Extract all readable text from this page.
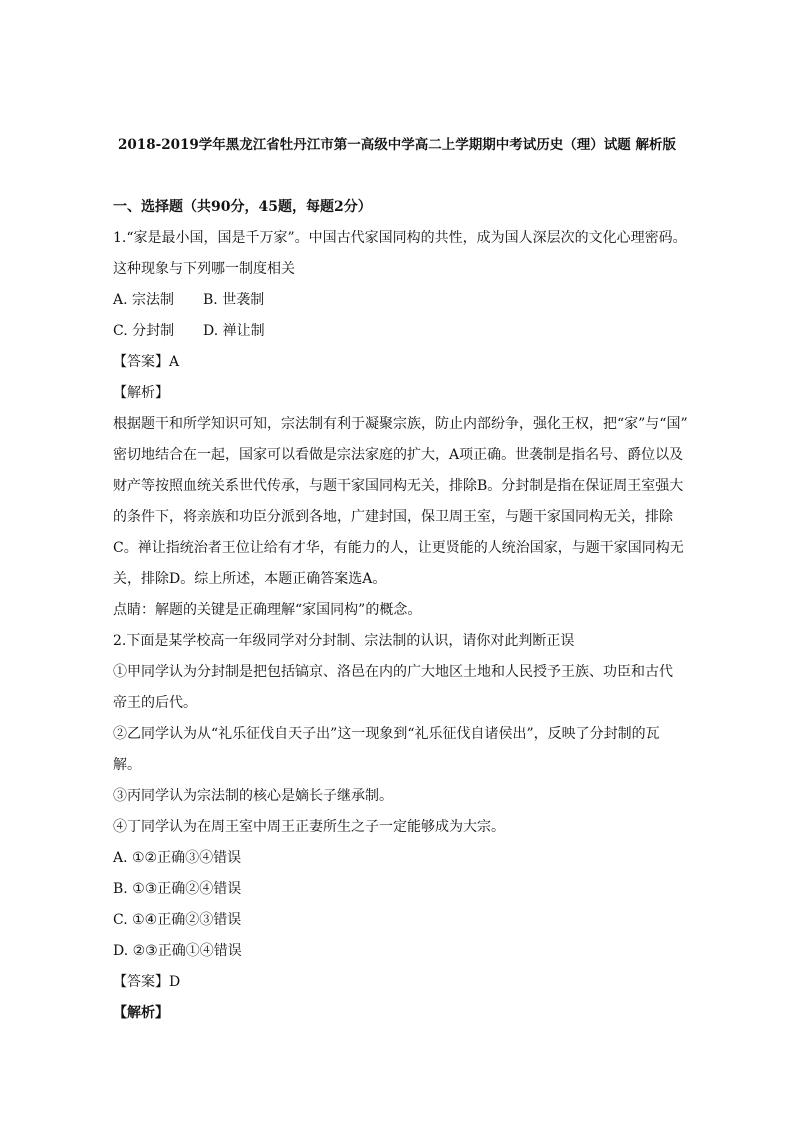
2018-2019学年黑龙江省牡丹江市第一高级中学高二上学期期中考试历史（理）试题 解析版
一、选择题（共90分，45题，每题2分）
1.“家是最小国，国是千万家”。中国古代家国同构的共性，成为国人深层次的文化心理密码。
这种现象与下列哪一制度相关
A. 宗法制 B. 世袭制
C. 分封制 D. 禅让制
【答案】A
【解析】
根据题干和所学知识可知，宗法制有利于凝聚宗族，防止内部纷争，强化王权，把“家”与“国”
密切地结合在一起，国家可以看做是宗法家庭的扩大，A项正确。世袭制是指名号、爵位以及
财产等按照血统关系世代传承，与题干家国同构无关，排除B。分封制是指在保证周王室强大
的条件下，将亲族和功臣分派到各地，广建封国，保卫周王室，与题干家国同构无关，排除
C。禅让指统治者王位让给有才华，有能力的人，让更贤能的人统治国家，与题干家国同构无
关，排除D。综上所述，本题正确答案选A。
点睛：解题的关键是正确理解“家国同构”的概念。
2.下面是某学校高一年级同学对分封制、宗法制的认识，请你对此判断正误
①甲同学认为分封制是把包括镐京、洛邑在内的广大地区土地和人民授予王族、功臣和古代
帝王的后代。
②乙同学认为从“礼乐征伐自天子出”这一现象到“礼乐征伐自诸侯出”，反映了分封制的瓦
解。
③丙同学认为宗法制的核心是嫡长子继承制。
④丁同学认为在周王室中周王正妻所生之子一定能够成为大宗。
A. ①②正确③④错误
B. ①③正确②④错误
C. ①④正确②③错误
D. ②③正确①④错误
【答案】D
【解析】
